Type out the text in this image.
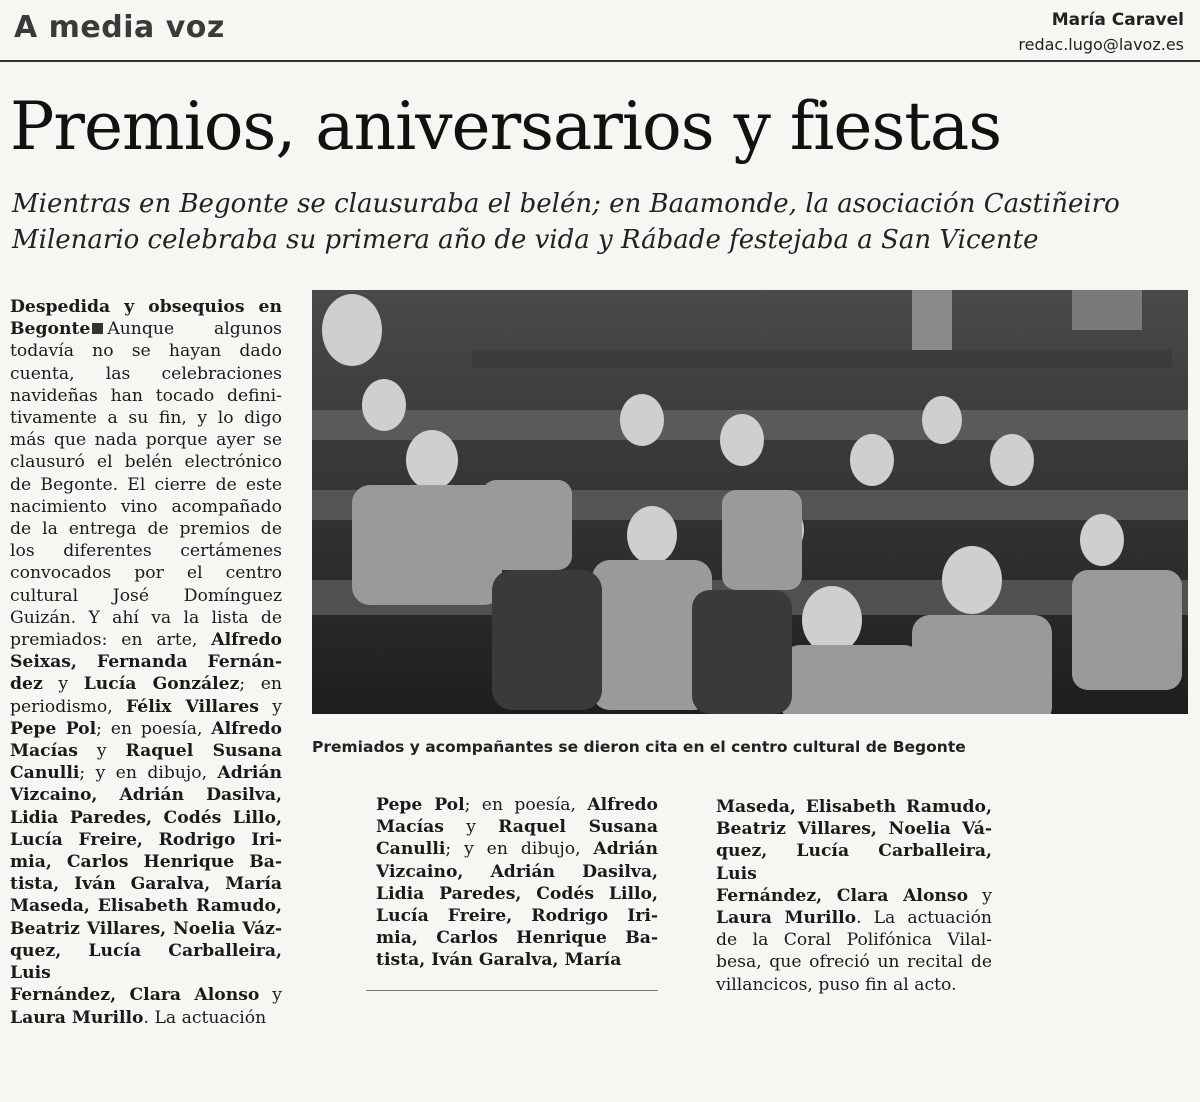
A media voz	María Caravel
redac.lugo@lavoz.es
Premios, aniversarios y fiestas
Mientras en Begonte se clausuraba el belén; en Baamonde, la asociación Castiñeiro
Milenario celebraba su primera año de vida y Rábade festejaba a San Vicente
Despedida y obsequios en
Begonte Aunque algunos
todavía no se hayan dado
cuenta, las celebraciones
navideñas han tocado defini-
tivamente a su fin, y lo digo
más que nada porque ayer se
clausuró el belén electrónico
de Begonte. El cierre de este
nacimiento vino acompañado
de la entrega de premios de
los diferentes certámenes
convocados por el centro
cultural José Domínguez
Guizán. Y ahí va la lista de
premiados: en arte, Alfredo
Seixas, Fernanda Fernán-
dez y Lucía González; en
periodismo, Félix Villares y
Pepe Pol; en poesía, Alfredo
Macías y Raquel Susana
Canulli; y en dibujo, Adrián
Vizcaino, Adrián Dasilva,
Lidia Paredes, Codés Lillo,
Lucía Freire, Rodrigo Iri-
mia, Carlos Henrique Ba-
tista, Iván Garalva, María
Maseda, Elisabeth Ramudo,
Beatriz Villares, Noelia Váz-
quez, Lucía Carballeira, Luis
Fernández, Clara Alonso y
Laura Murillo. La actuación
Premiados y acompañantes se dieron cita en el centro cultural de Begonte
Pepe Pol; en poesía, Alfredo
Macías y Raquel Susana
Canulli; y en dibujo, Adrián
Vizcaino, Adrián Dasilva,
Lidia Paredes, Codés Lillo,
Lucía Freire, Rodrigo Iri-
mia, Carlos Henrique Ba-
tista, Iván Garalva, María
Maseda, Elisabeth Ramudo,
Beatriz Villares, Noelia Vá-
quez, Lucía Carballeira, Luis
Fernández, Clara Alonso y
Laura Murillo. La actuación
de la Coral Polifónica Vilal-
besa, que ofreció un recital de
villancicos, puso fin al acto.
